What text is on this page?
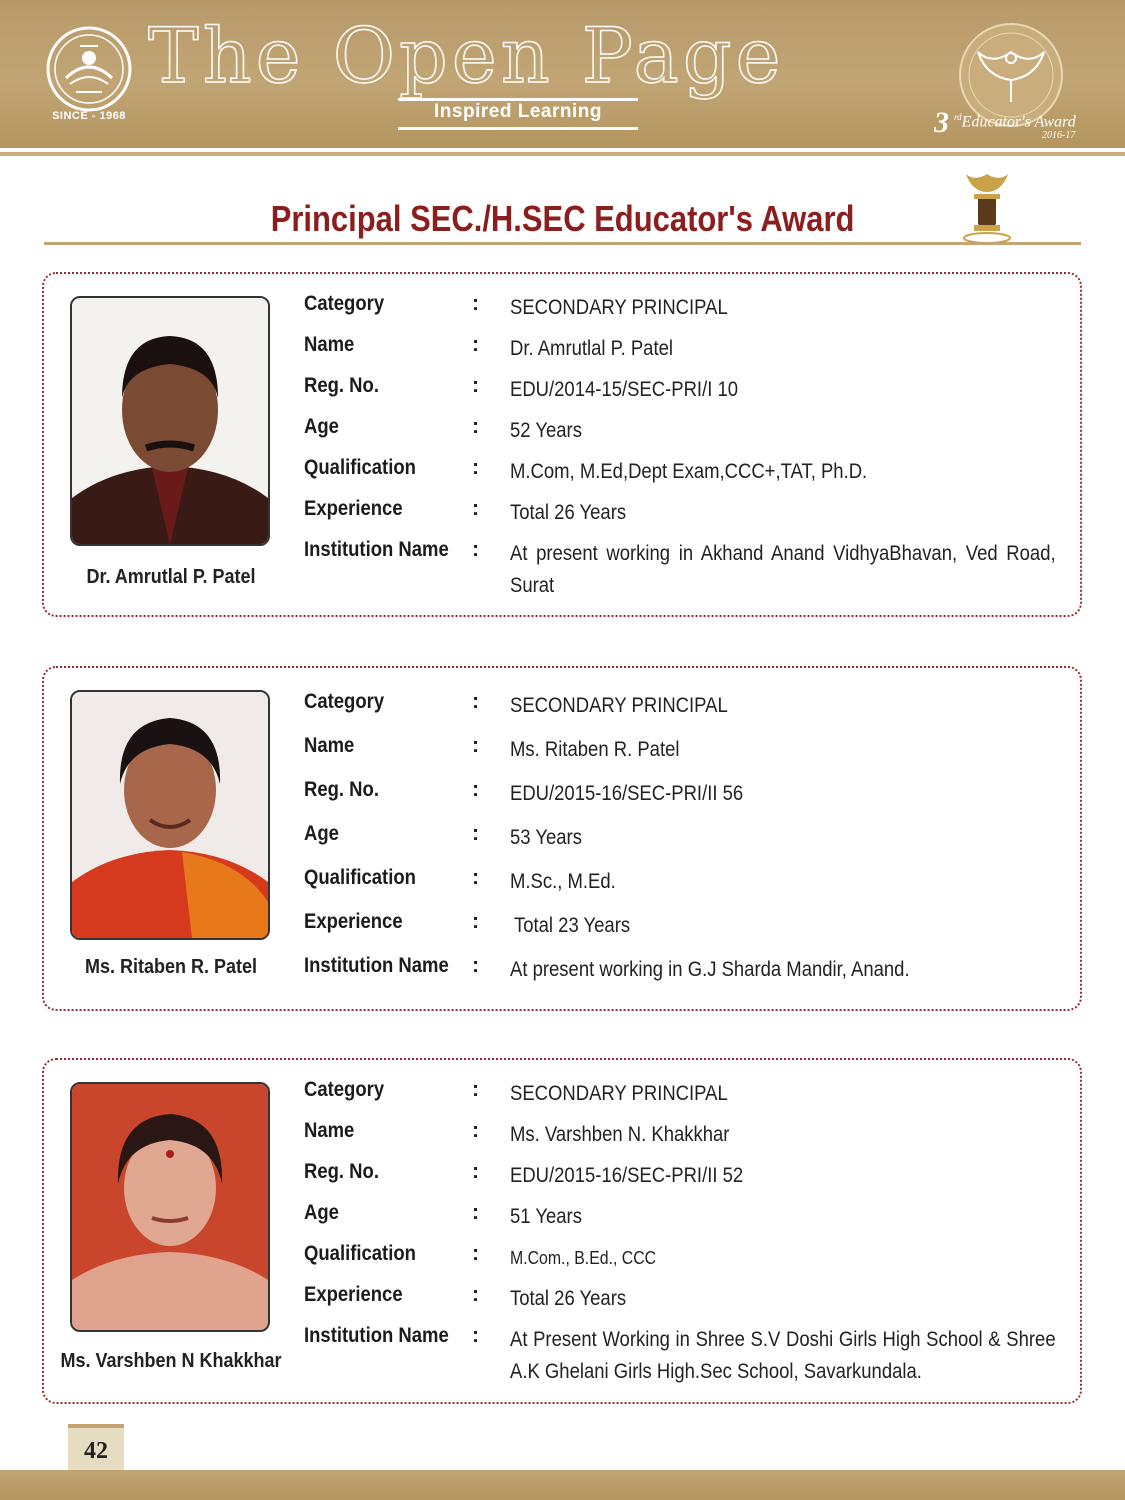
SINCE - 1968
The Open Page
Inspired Learning	3 $^{rd}$Educator's Award
2016-17
Principal SEC./H.SEC Educator's Award
Dr. Amrutlal P. Patel
Category	: SECONDARY PRINCIPAL
Name	: Dr. Amrutlal P. Patel
Reg. No.	: EDU/2014-15/SEC-PRI/I 10
Age	: 52 Years
Qualification	: M.Com, M.Ed,Dept Exam,CCC+,TAT, Ph.D.
Experience	: Total 26 Years
Institution Name : At present working in Akhand Anand VidhyaBhavan, Ved Road, Surat
Ms. Ritaben R. Patel
Category	: SECONDARY PRINCIPAL
Name	: Ms. Ritaben R. Patel
Reg. No.	: EDU/2015-16/SEC-PRI/II 56
Age	: 53 Years
Qualification	: M.Sc., M.Ed.
Experience	: Total 23 Years
Institution Name : At present working in G.J Sharda Mandir, Anand.
Ms. Varshben N Khakkhar
Category	: SECONDARY PRINCIPAL
Name	: Ms. Varshben N. Khakkhar
Reg. No.	: EDU/2015-16/SEC-PRI/II 52
Age	: 51 Years
Qualification	: M.Com., B.Ed., CCC
Experience	: Total 26 Years
Institution Name : At Present Working in Shree S.V Doshi Girls High School & Shree A.K Ghelani Girls High.Sec School, Savarkundala.
42
